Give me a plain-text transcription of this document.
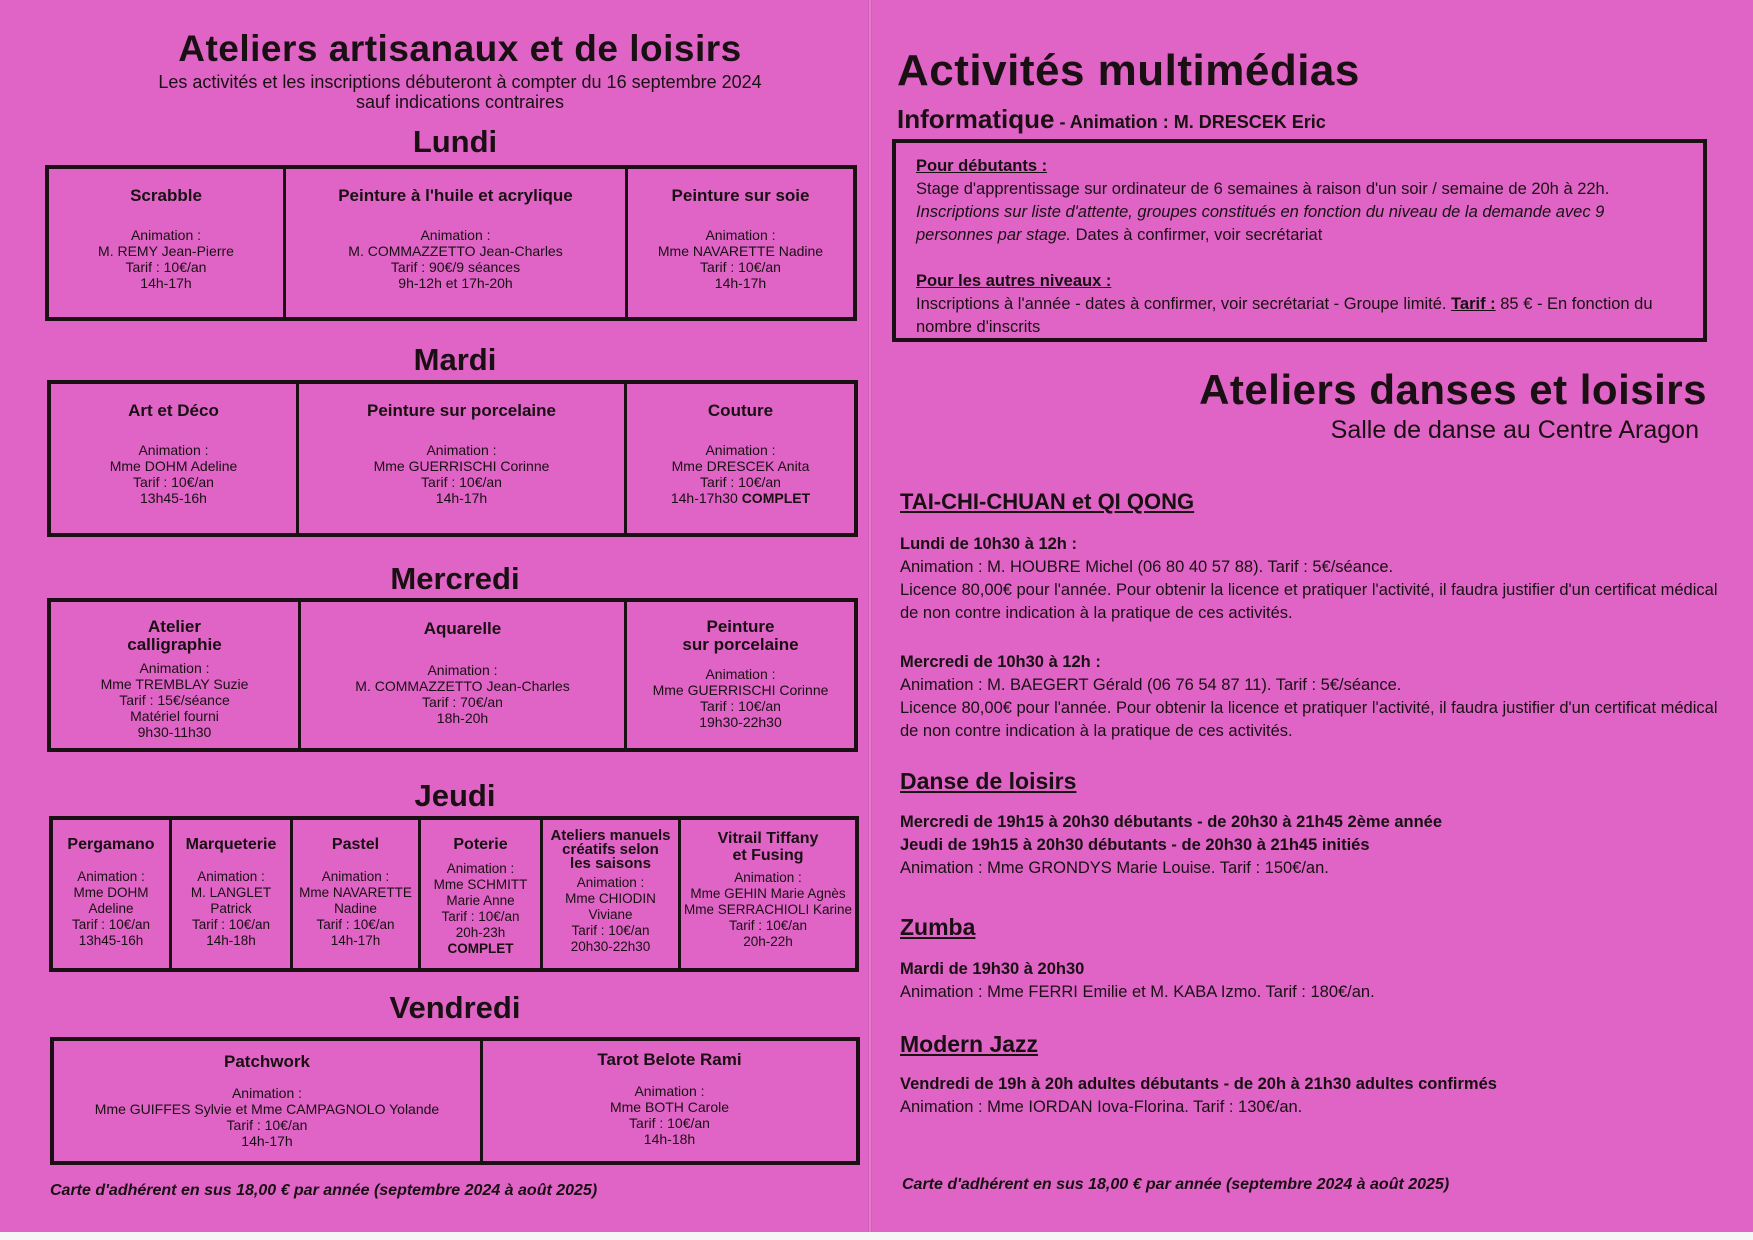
Ateliers artisanaux et de loisirs
Les activités et les inscriptions débuteront à compter du 16 septembre 2024
sauf indications contraires
Lundi
Scrabble
Animation :
M. REMY Jean-Pierre
Tarif : 10€/an
14h-17h
Peinture à l'huile et acrylique
Animation :
M. COMMAZZETTO Jean-Charles
Tarif : 90€/9 séances
9h-12h et 17h-20h
Peinture sur soie
Animation :
Mme NAVARETTE Nadine
Tarif : 10€/an
14h-17h
Mardi
Art et Déco
Animation :
Mme DOHM Adeline
Tarif : 10€/an
13h45-16h
Peinture sur porcelaine
Animation :
Mme GUERRISCHI Corinne
Tarif : 10€/an
14h-17h
Couture
Animation :
Mme DRESCEK Anita
Tarif : 10€/an
14h-17h30 COMPLET
Mercredi
Atelier
calligraphie
Animation :
Mme TREMBLAY Suzie
Tarif : 15€/séance
Matériel fourni
9h30-11h30
Aquarelle
Animation :
M. COMMAZZETTO Jean-Charles
Tarif : 70€/an
18h-20h
Peinture
sur porcelaine
Animation :
Mme GUERRISCHI Corinne
Tarif : 10€/an
19h30-22h30
Jeudi
Pergamano
Animation :
Mme DOHM
Adeline
Tarif : 10€/an
13h45-16h
Marqueterie
Animation :
M. LANGLET
Patrick
Tarif : 10€/an
14h-18h
Pastel
Animation :
Mme NAVARETTE
Nadine
Tarif : 10€/an
14h-17h
Poterie
Animation :
Mme SCHMITT
Marie Anne
Tarif : 10€/an
20h-23h
COMPLET
Ateliers manuels
créatifs selon
les saisons
Animation :
Mme CHIODIN
Viviane
Tarif : 10€/an
20h30-22h30
Vitrail Tiffany
et Fusing
Animation :
Mme GEHIN Marie Agnès
Mme SERRACHIOLI Karine
Tarif : 10€/an
20h-22h
Vendredi
Patchwork
Animation :
Mme GUIFFES Sylvie et Mme CAMPAGNOLO Yolande
Tarif : 10€/an
14h-17h
Tarot Belote Rami
Animation :
Mme BOTH Carole
Tarif : 10€/an
14h-18h
Carte d'adhérent en sus 18,00 € par année (septembre 2024 à août 2025)
Activités multimédias
Informatique - Animation : M. DRESCEK Eric
Pour débutants :
Stage d'apprentissage sur ordinateur de 6 semaines à raison d'un soir / semaine de 20h à 22h.
Inscriptions sur liste d'attente, groupes constitués en fonction du niveau de la demande avec 9 personnes par stage. Dates à confirmer, voir secrétariat
Pour les autres niveaux :
Inscriptions à l'année - dates à confirmer, voir secrétariat - Groupe limité. Tarif : 85 € - En fonction du nombre d'inscrits
Ateliers danses et loisirs
Salle de danse au Centre Aragon
TAI-CHI-CHUAN et QI QONG
Lundi de 10h30 à 12h :
Animation : M. HOUBRE Michel (06 80 40 57 88). Tarif : 5€/séance.
Licence 80,00€ pour l'année. Pour obtenir la licence et pratiquer l'activité, il faudra justifier d'un certificat médical de non contre indication à la pratique de ces activités.
Mercredi de 10h30 à 12h :
Animation : M. BAEGERT Gérald (06 76 54 87 11). Tarif : 5€/séance.
Licence 80,00€ pour l'année. Pour obtenir la licence et pratiquer l'activité, il faudra justifier d'un certificat médical de non contre indication à la pratique de ces activités.
Danse de loisirs
Mercredi de 19h15 à 20h30 débutants - de 20h30 à 21h45 2ème année
Jeudi de 19h15 à 20h30 débutants - de 20h30 à 21h45 initiés
Animation : Mme GRONDYS Marie Louise. Tarif : 150€/an.
Zumba
Mardi de 19h30 à 20h30
Animation : Mme FERRI Emilie et M. KABA Izmo. Tarif : 180€/an.
Modern Jazz
Vendredi de 19h à 20h adultes débutants - de 20h à 21h30 adultes confirmés
Animation : Mme IORDAN Iova-Florina. Tarif : 130€/an.
Carte d'adhérent en sus 18,00 € par année (septembre 2024 à août 2025)
